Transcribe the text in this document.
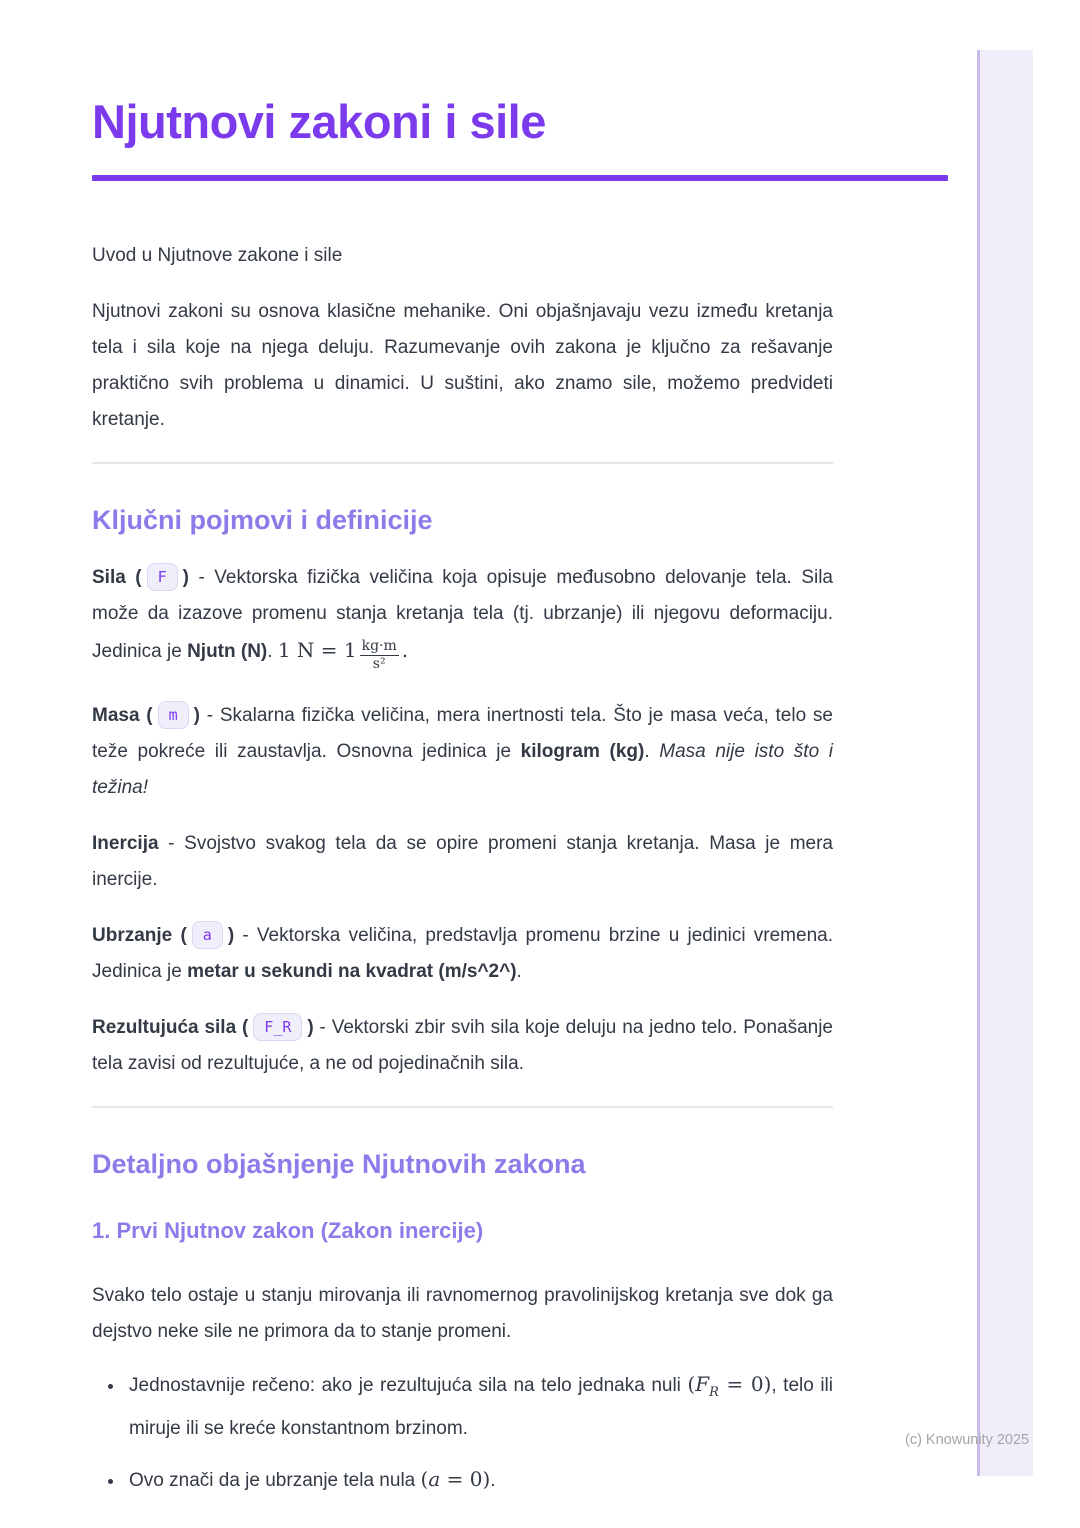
Njutnovi zakoni i sile

Uvod u Njutnove zakone i sile

Njutnovi zakoni su osnova klasične mehanike. Oni objašnjavaju vezu između kretanja tela i sila koje na njega deluju. Razumevanje ovih zakona je ključno za rešavanje praktično svih problema u dinamici. U suštini, ako znamo sile, možemo predvideti kretanje.

Ključni pojmovi i definicije

Sila ( F ) - Vektorska fizička veličina koja opisuje međusobno delovanje tela. Sila može da izazove promenu stanja kretanja tela (tj. ubrzanje) ili njegovu deformaciju. Jedinica je Njutn (N). 1 $N = 1 \frac{kg\cdot m}{\text{s²}}$ .

Masa ( m ) - Skalarna fizička veličina, mera inertnosti tela. Što je masa veća, telo se teže pokreće ili zaustavlja. Osnovna jedinica je kilogram (kg). Masa nije isto što i težina!

Inercija - Svojstvo svakog tela da se opire promeni stanja kretanja. Masa je mera inercije.

Ubrzanje ( a ) - Vektorska veličina, predstavlja promenu brzine u jedinici vremena. Jedinica je metar u sekundi na kvadrat (m/s^2^).

Rezultujuća sila ( F_R ) - Vektorski zbir svih sila koje deluju na jedno telo. Ponašanje tela zavisi od rezultujuće, a ne od pojedinačnih sila.

Detaljno objašnjenje Njutnovih zakona
1. Prvi Njutnov zakon (Zakon inercije)

Svako telo ostaje u stanju mirovanja ili ravnomernog pravolinijskog kretanja sve dok ga dejstvo neke sile ne primora da to stanje promeni.

• Jednostavnije rečeno: ako je rezultujuća sila na telo jednaka nuli $(F_R = 0)$, telo ili miruje ili se kreće konstantnom brzinom.
• Ovo znači da je ubrzanje tela nula (a = 0).
(c) Knowunity 2025
